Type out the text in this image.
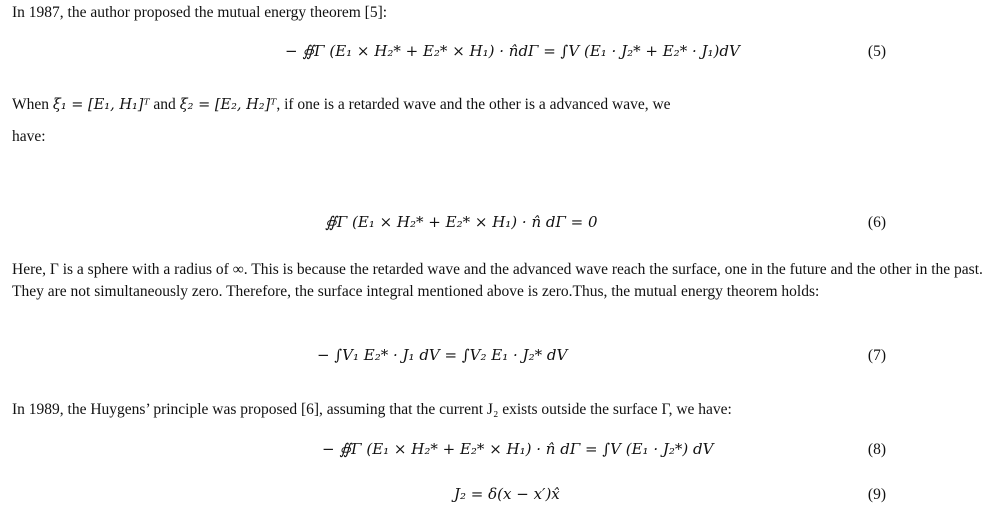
In 1987, the author proposed the mutual energy theorem [5]:
− ∯Γ (E₁ × H₂* + E₂* × H₁) · n̂dΓ = ∫V (E₁ · J₂* + E₂* · J₁)dV	(5)
When ξ₁ = [E₁, H₁]ᵀ and ξ₂ = [E₂, H₂]ᵀ, if one is a retarded wave and the other is a advanced wave, we
have:
∯Γ (E₁ × H₂* + E₂* × H₁) · n̂ dΓ = 0	(6)
Here, Γ is a sphere with a radius of ∞. This is because the retarded wave and the advanced wave reach the surface, one in the future and the other in the past. They are not simultaneously zero. Therefore, the surface integral mentioned above is zero.Thus, the mutual energy theorem holds:
− ∫V₁ E₂* · J₁ dV = ∫V₂ E₁ · J₂* dV	(7)
In 1989, the Huygens’ principle was proposed [6], assuming that the current J₂ exists outside the surface Γ, we have:
− ∯Γ (E₁ × H₂* + E₂* × H₁) · n̂ dΓ = ∫V (E₁ · J₂*) dV	(8)
J₂ = δ(x − x′)x̂	(9)
